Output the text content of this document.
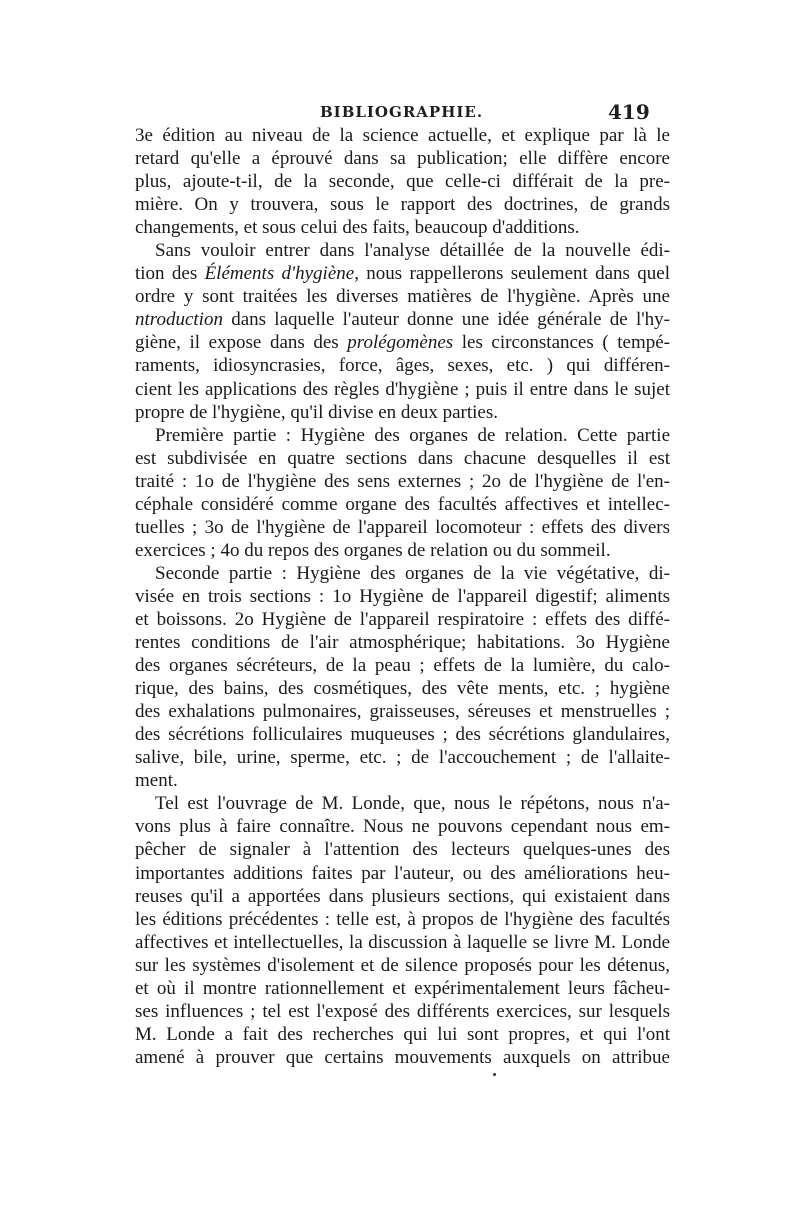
BIBLIOGRAPHIE.	419
3e édition au niveau de la science actuelle, et explique par là le
retard qu'elle a éprouvé dans sa publication; elle diffère encore
plus, ajoute-t-il, de la seconde, que celle-ci différait de la pre-
mière. On y trouvera, sous le rapport des doctrines, de grands
changements, et sous celui des faits, beaucoup d'additions.
Sans vouloir entrer dans l'analyse détaillée de la nouvelle édi-
tion des Éléments d'hygiène, nous rappellerons seulement dans quel
ordre y sont traitées les diverses matières de l'hygiène. Après une
ntroduction dans laquelle l'auteur donne une idée générale de l'hy-
giène, il expose dans des prolégomènes les circonstances ( tempé-
raments, idiosyncrasies, force, âges, sexes, etc. ) qui différen-
cient les applications des règles d'hygiène ; puis il entre dans le sujet
propre de l'hygiène, qu'il divise en deux parties.
Première partie : Hygiène des organes de relation. Cette partie
est subdivisée en quatre sections dans chacune desquelles il est
traité : 1o de l'hygiène des sens externes ; 2o de l'hygiène de l'en-
céphale considéré comme organe des facultés affectives et intellec-
tuelles ; 3o de l'hygiène de l'appareil locomoteur : effets des divers
exercices ; 4o du repos des organes de relation ou du sommeil.
Seconde partie : Hygiène des organes de la vie végétative, di-
visée en trois sections : 1o Hygiène de l'appareil digestif; aliments
et boissons. 2o Hygiène de l'appareil respiratoire : effets des diffé-
rentes conditions de l'air atmosphérique; habitations. 3o Hygiène
des organes sécréteurs, de la peau ; effets de la lumière, du calo-
rique, des bains, des cosmétiques, des vête ments, etc. ; hygiène
des exhalations pulmonaires, graisseuses, séreuses et menstruelles ;
des sécrétions folliculaires muqueuses ; des sécrétions glandulaires,
salive, bile, urine, sperme, etc. ; de l'accouchement ; de l'allaite-
ment.
Tel est l'ouvrage de M. Londe, que, nous le répétons, nous n'a-
vons plus à faire connaître. Nous ne pouvons cependant nous em-
pêcher de signaler à l'attention des lecteurs quelques-unes des
importantes additions faites par l'auteur, ou des améliorations heu-
reuses qu'il a apportées dans plusieurs sections, qui existaient dans
les éditions précédentes : telle est, à propos de l'hygiène des facultés
affectives et intellectuelles, la discussion à laquelle se livre M. Londe
sur les systèmes d'isolement et de silence proposés pour les détenus,
et où il montre rationnellement et expérimentalement leurs fâcheu-
ses influences ; tel est l'exposé des différents exercices, sur lesquels
M. Londe a fait des recherches qui lui sont propres, et qui l'ont
amené à prouver que certains mouvements auxquels on attribue
